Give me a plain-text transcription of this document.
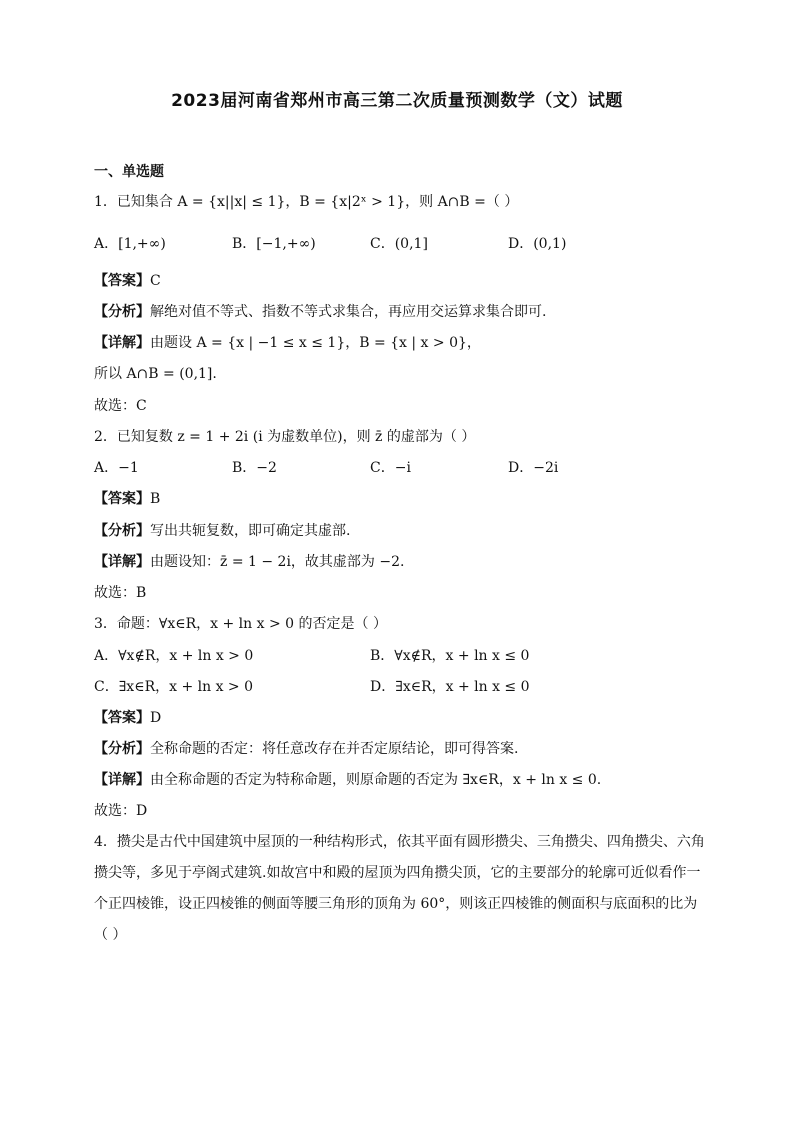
2023届河南省郑州市高三第二次质量预测数学（文）试题
一、单选题
1．已知集合 A = {x||x| ≤ 1}，B = {x|2ˣ > 1}，则 A∩B =（ ）
A．[1,+∞)	B．[−1,+∞)	C．(0,1]	D．(0,1)
【答案】C
【分析】解绝对值不等式、指数不等式求集合，再应用交运算求集合即可.
【详解】由题设 A = {x | −1 ≤ x ≤ 1}，B = {x | x > 0}，
所以 A∩B = (0,1].
故选：C
2．已知复数 z = 1 + 2i (i 为虚数单位)，则 z̄ 的虚部为（ ）
A．−1	B．−2	C．−i	D．−2i
【答案】B
【分析】写出共轭复数，即可确定其虚部.
【详解】由题设知：z̄ = 1 − 2i，故其虚部为 −2.
故选：B
3．命题：∀x∈R，x + ln x > 0 的否定是（ ）
A．∀x∉R，x + ln x > 0	B．∀x∉R，x + ln x ≤ 0
C．∃x∈R，x + ln x > 0	D．∃x∈R，x + ln x ≤ 0
【答案】D
【分析】全称命题的否定：将任意改存在并否定原结论，即可得答案.
【详解】由全称命题的否定为特称命题，则原命题的否定为 ∃x∈R，x + ln x ≤ 0.
故选：D
4．攒尖是古代中国建筑中屋顶的一种结构形式，依其平面有圆形攒尖、三角攒尖、四角攒尖、六角攒尖等，多见于亭阁式建筑.如故宫中和殿的屋顶为四角攒尖顶，它的主要部分的轮廓可近似看作一个正四棱锥，设正四棱锥的侧面等腰三角形的顶角为 60°，则该正四棱锥的侧面积与底面积的比为（ ）
